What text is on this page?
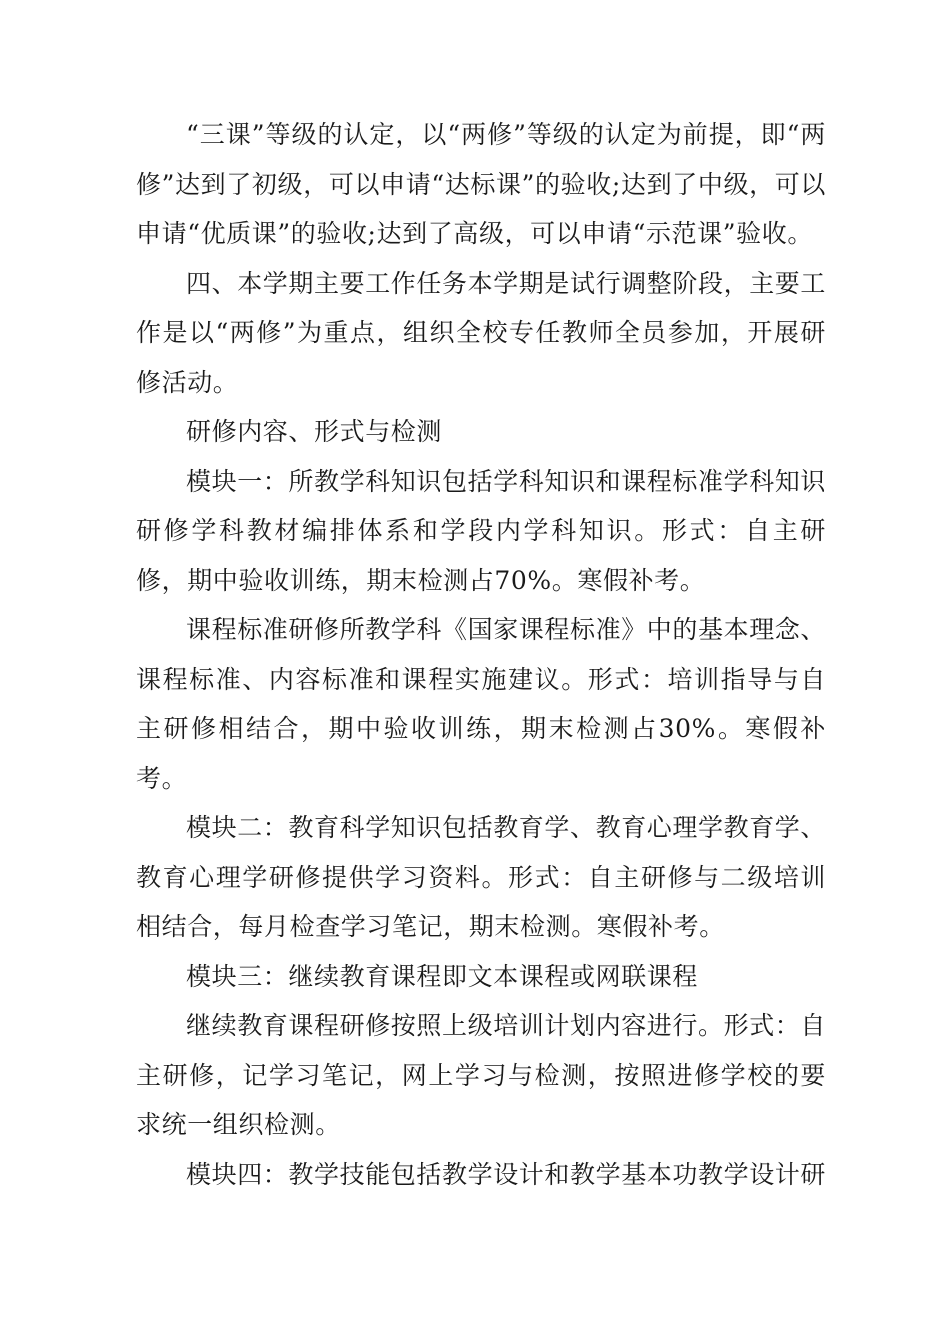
“三课”等级的认定，以“两修”等级的认定为前提，即“两修”达到了初级，可以申请“达标课”的验收;达到了中级，可以申请“优质课”的验收;达到了高级，可以申请“示范课”验收。

四、本学期主要工作任务本学期是试行调整阶段，主要工作是以“两修”为重点，组织全校专任教师全员参加，开展研修活动。

研修内容、形式与检测

模块一：所教学科知识包括学科知识和课程标准学科知识研修学科教材编排体系和学段内学科知识。形式：自主研修，期中验收训练，期末检测占70%。寒假补考。

课程标准研修所教学科《国家课程标准》中的基本理念、课程标准、内容标准和课程实施建议。形式：培训指导与自主研修相结合，期中验收训练，期末检测占30%。寒假补考。

模块二：教育科学知识包括教育学、教育心理学教育学、教育心理学研修提供学习资料。形式：自主研修与二级培训相结合，每月检查学习笔记，期末检测。寒假补考。

模块三：继续教育课程即文本课程或网联课程

继续教育课程研修按照上级培训计划内容进行。形式：自主研修，记学习笔记，网上学习与检测，按照进修学校的要求统一组织检测。

模块四：教学技能包括教学设计和教学基本功教学设计研
